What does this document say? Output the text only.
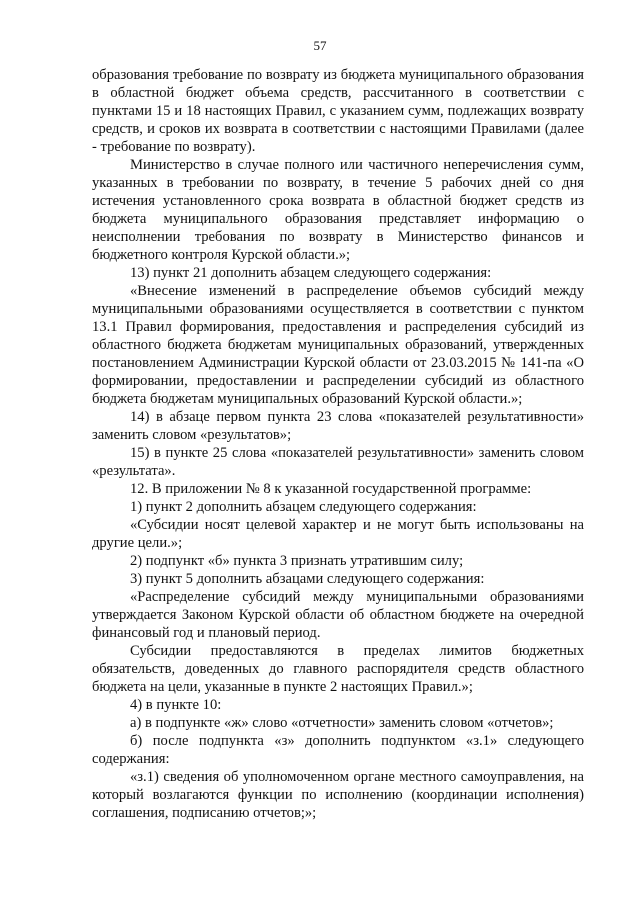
57

образования требование по возврату из бюджета муниципального образования в областной бюджет объема средств, рассчитанного в соответствии с пунктами 15 и 18 настоящих Правил, с указанием сумм, подлежащих возврату средств, и сроков их возврата в соответствии с настоящими Правилами (далее - требование по возврату).

Министерство в случае полного или частичного неперечисления сумм, указанных в требовании по возврату, в течение 5 рабочих дней со дня истечения установленного срока возврата в областной бюджет средств из бюджета муниципального образования представляет информацию о неисполнении требования по возврату в Министерство финансов и бюджетного контроля Курской области.»;

13) пункт 21 дополнить абзацем следующего содержания:

«Внесение изменений в распределение объемов субсидий между муниципальными образованиями осуществляется в соответствии с пунктом 13.1 Правил формирования, предоставления и распределения субсидий из областного бюджета бюджетам муниципальных образований, утвержденных постановлением Администрации Курской области от 23.03.2015 № 141-па «О формировании, предоставлении и распределении субсидий из областного бюджета бюджетам муниципальных образований Курской области.»;

14) в абзаце первом пункта 23 слова «показателей результативности» заменить словом «результатов»;

15) в пункте 25 слова «показателей результативности» заменить словом «результата».

12. В приложении № 8 к указанной государственной программе:

1) пункт 2 дополнить абзацем следующего содержания:

«Субсидии носят целевой характер и не могут быть использованы на другие цели.»;

2) подпункт «б» пункта 3 признать утратившим силу;

3) пункт 5 дополнить абзацами следующего содержания:

«Распределение субсидий между муниципальными образованиями утверждается Законом Курской области об областном бюджете на очередной финансовый год и плановый период.

Субсидии предоставляются в пределах лимитов бюджетных обязательств, доведенных до главного распорядителя средств областного бюджета на цели, указанные в пункте 2 настоящих Правил.»;

4) в пункте 10:

а) в подпункте «ж» слово «отчетности» заменить словом «отчетов»;

б) после подпункта «з» дополнить подпунктом «з.1» следующего содержания:

«з.1) сведения об уполномоченном органе местного самоуправления, на который возлагаются функции по исполнению (координации исполнения) соглашения, подписанию отчетов;»;
